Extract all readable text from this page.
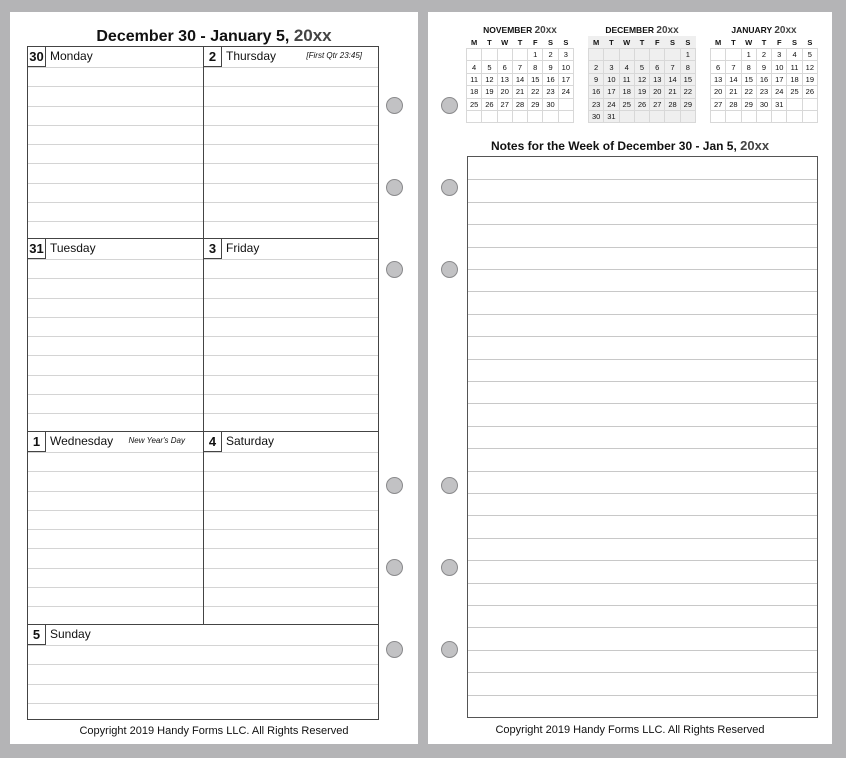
December 30 - January 5, 20xx
30 Monday	2 Thursday	[First Qtr 23:45]
31 Tuesday	3 Friday
1 Wednesday New Year's Day	4 Saturday
5 Sunday
Copyright 2019 Handy Forms LLC. All Rights Reserved
NOVEMBER 20xx
M	T	W	T	F	S	S
				1	2	3
4	5	6	7	8	9	10
11	12	13	14	15	16	17
18	19	20	21	22	23	24
25	26	27	28	29	30	

DECEMBER 20xx
M	T	W	T	F	S	S
						1
2	3	4	5	6	7	8
9	10	11	12	13	14	15
16	17	18	19	20	21	22
23	24	25	26	27	28	29
30	31					
JANUARY 20xx
M	T	W	T	F	S	S
		1	2	3	4	5
6	7	8	9	10	11	12
13	14	15	16	17	18	19
20	21	22	23	24	25	26
27	28	29	30	31		

Notes for the Week of December 30 - Jan 5, 20xx
Copyright 2019 Handy Forms LLC. All Rights Reserved
